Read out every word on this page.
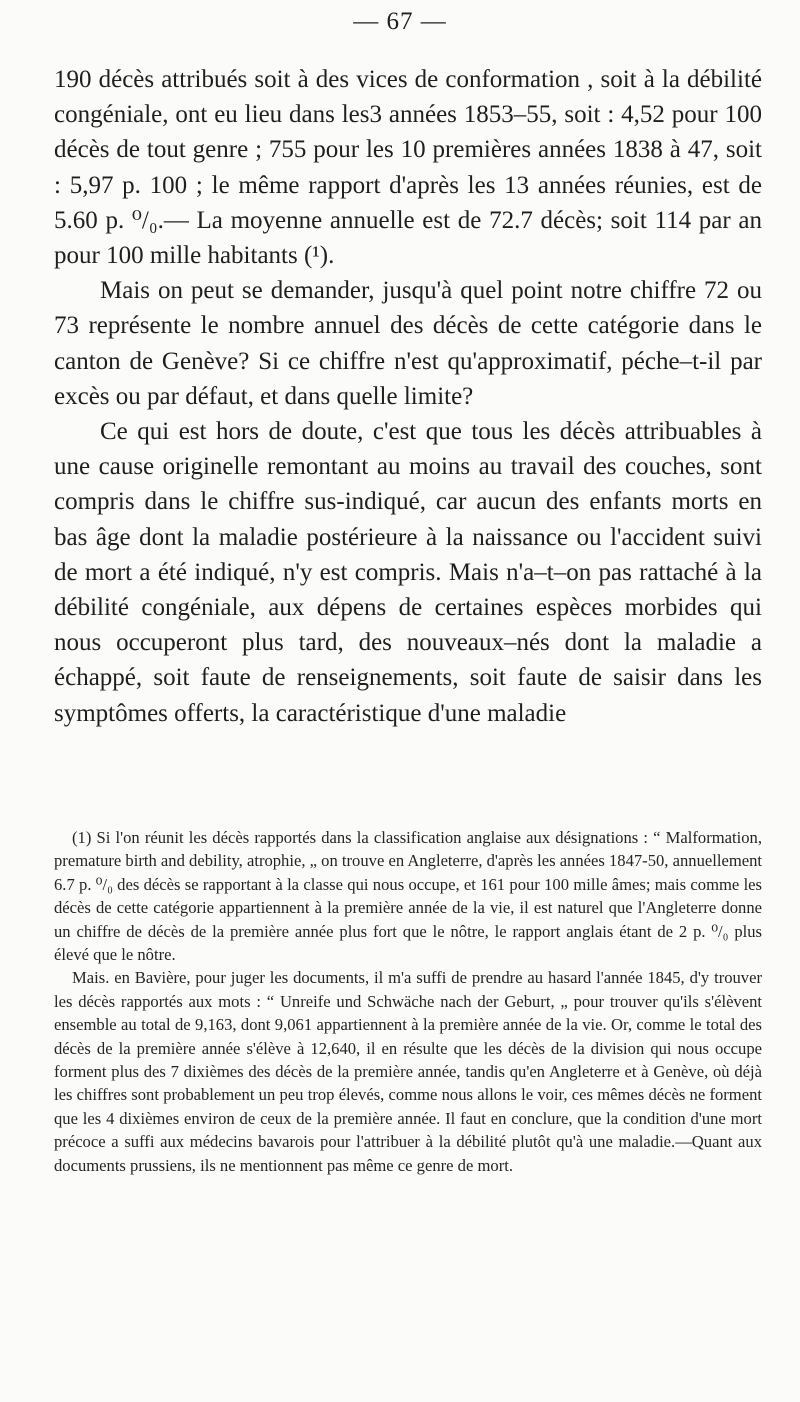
— 67 —

190 décès attribués soit à des vices de conformation , soit à la débilité congéniale, ont eu lieu dans les3 années 1853–55, soit : 4,52 pour 100 décès de tout genre ; 755 pour les 10 premières années 1838 à 47, soit : 5,97 p. 100 ; le même rapport d'après les 13 années réunies, est de 5.60 p. ⁰/₀.— La moyenne annuelle est de 72.7 décès; soit 114 par an pour 100 mille habitants (¹).

Mais on peut se demander, jusqu'à quel point notre chiffre 72 ou 73 représente le nombre annuel des décès de cette catégorie dans le canton de Genève? Si ce chiffre n'est qu'approximatif, péche–t-il par excès ou par défaut, et dans quelle limite?

Ce qui est hors de doute, c'est que tous les décès attribuables à une cause originelle remontant au moins au travail des couches, sont compris dans le chiffre sus-indiqué, car aucun des enfants morts en bas âge dont la maladie postérieure à la naissance ou l'accident suivi de mort a été indiqué, n'y est compris. Mais n'a–t–on pas rattaché à la débilité congéniale, aux dépens de certaines espèces morbides qui nous occuperont plus tard, des nouveaux–nés dont la maladie a échappé, soit faute de renseignements, soit faute de saisir dans les symptômes offerts, la caractéristique d'une maladie

(1) Si l'on réunit les décès rapportés dans la classification anglaise aux désignations : “ Malformation, premature birth and debility, atrophie, „ on trouve en Angleterre, d'après les années 1847-50, annuellement 6.7 p. ⁰/₀ des décès se rapportant à la classe qui nous occupe, et 161 pour 100 mille âmes; mais comme les décès de cette catégorie appartiennent à la première année de la vie, il est naturel que l'Angleterre donne un chiffre de décès de la première année plus fort que le nôtre, le rapport anglais étant de 2 p. ⁰/₀ plus élevé que le nôtre.

Mais. en Bavière, pour juger les documents, il m'a suffi de prendre au hasard l'année 1845, d'y trouver les décès rapportés aux mots : “ Unreife und Schwäche nach der Geburt, „ pour trouver qu'ils s'élèvent ensemble au total de 9,163, dont 9,061 appartiennent à la première année de la vie. Or, comme le total des décès de la première année s'élève à 12,640, il en résulte que les décès de la division qui nous occupe forment plus des 7 dixièmes des décès de la première année, tandis qu'en Angleterre et à Genève, où déjà les chiffres sont probablement un peu trop élevés, comme nous allons le voir, ces mêmes décès ne forment que les 4 dixièmes environ de ceux de la première année. Il faut en conclure, que la condition d'une mort précoce a suffi aux médecins bavarois pour l'attribuer à la débilité plutôt qu'à une maladie.—Quant aux documents prussiens, ils ne mentionnent pas même ce genre de mort.
